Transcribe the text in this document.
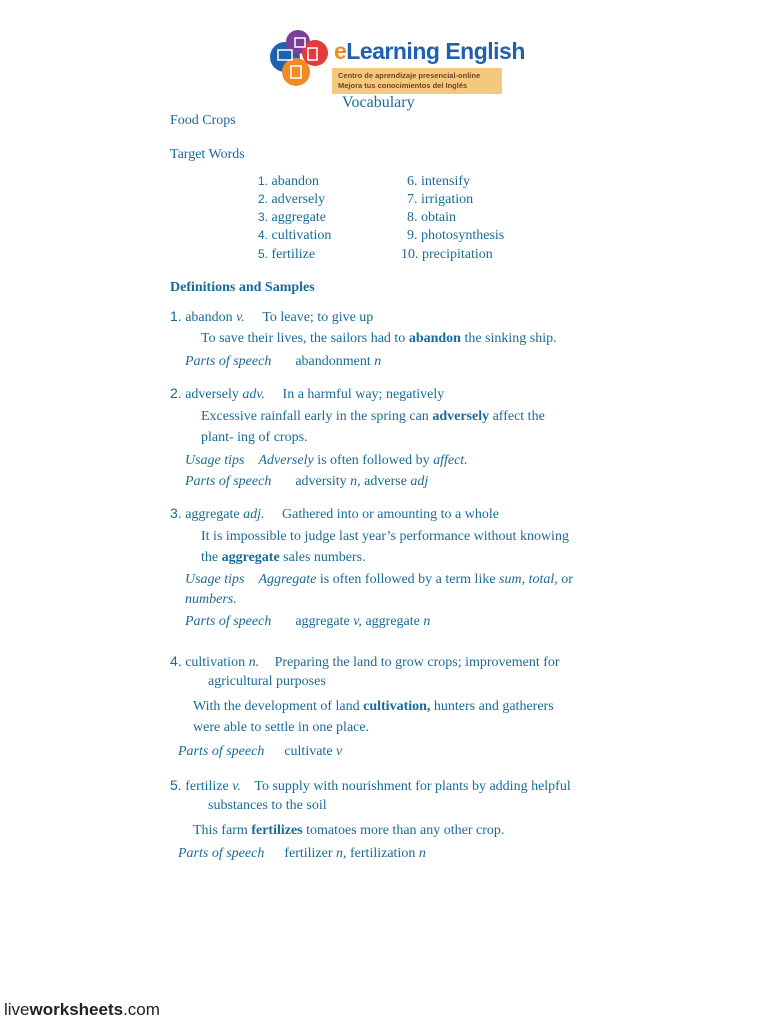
eLearning English
Centro de aprendizaje presencial-online
Mejora tus conocimientos del Inglés
Vocabulary
Food Crops
Target Words
1. abandon
2. adversely
3. aggregate
4. cultivation
5. fertilize
6. intensify
7. irrigation
8. obtain
9. photosynthesis
10. precipitation
Definitions and Samples
1. abandon v. To leave; to give up
To save their lives, the sailors had to abandon the sinking ship.
Parts of speech abandonment n
2. adversely adv. In a harmful way; negatively
Excessive rainfall early in the spring can adversely affect the
plant- ing of crops.
Usage tips Adversely is often followed by affect.
Parts of speech adversity n, adverse adj
3. aggregate adj. Gathered into or amounting to a whole
It is impossible to judge last year’s performance without knowing
the aggregate sales numbers.
Usage tips Aggregate is often followed by a term like sum, total, or
numbers.
Parts of speech aggregate v, aggregate n
4. cultivation n. Preparing the land to grow crops; improvement for
agricultural purposes
With the development of land cultivation, hunters and gatherers
were able to settle in one place.
Parts of speech cultivate v
5. fertilize v. To supply with nourishment for plants by adding helpful
substances to the soil
This farm fertilizes tomatoes more than any other crop.
Parts of speech fertilizer n, fertilization n
liveworksheets.com
